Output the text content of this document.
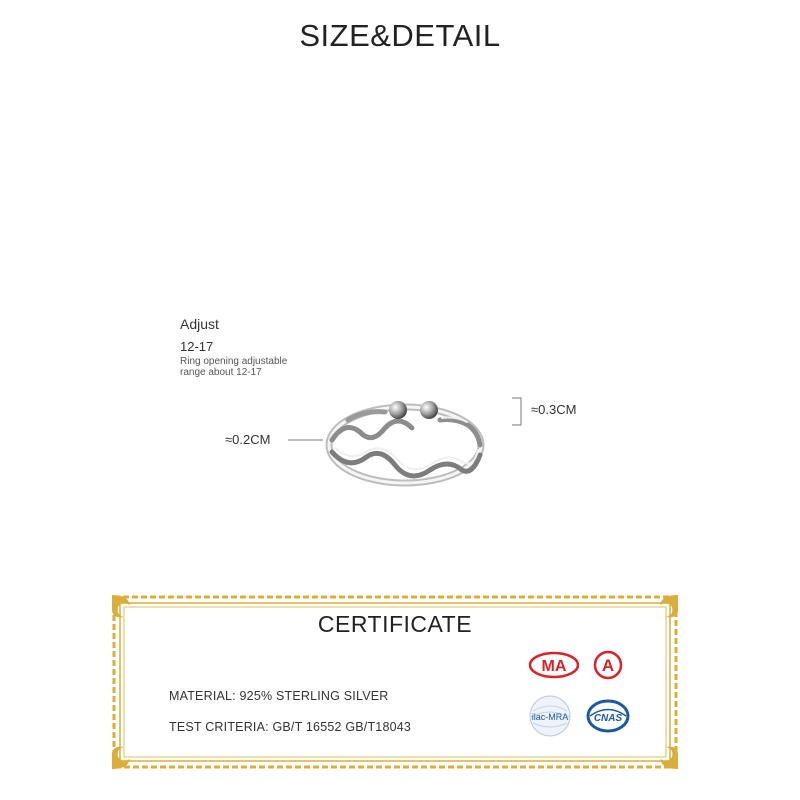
SIZE&DETAIL
Adjust
12-17
Ring opening adjustable
range about 12-17
≈0.2CM
≈0.3CM
CERTIFICATE
MATERIAL: 925% STERLING SILVER
TEST CRITERIA: GB/T 16552 GB/T18043
MA A
ilac-MRA	CNAS
